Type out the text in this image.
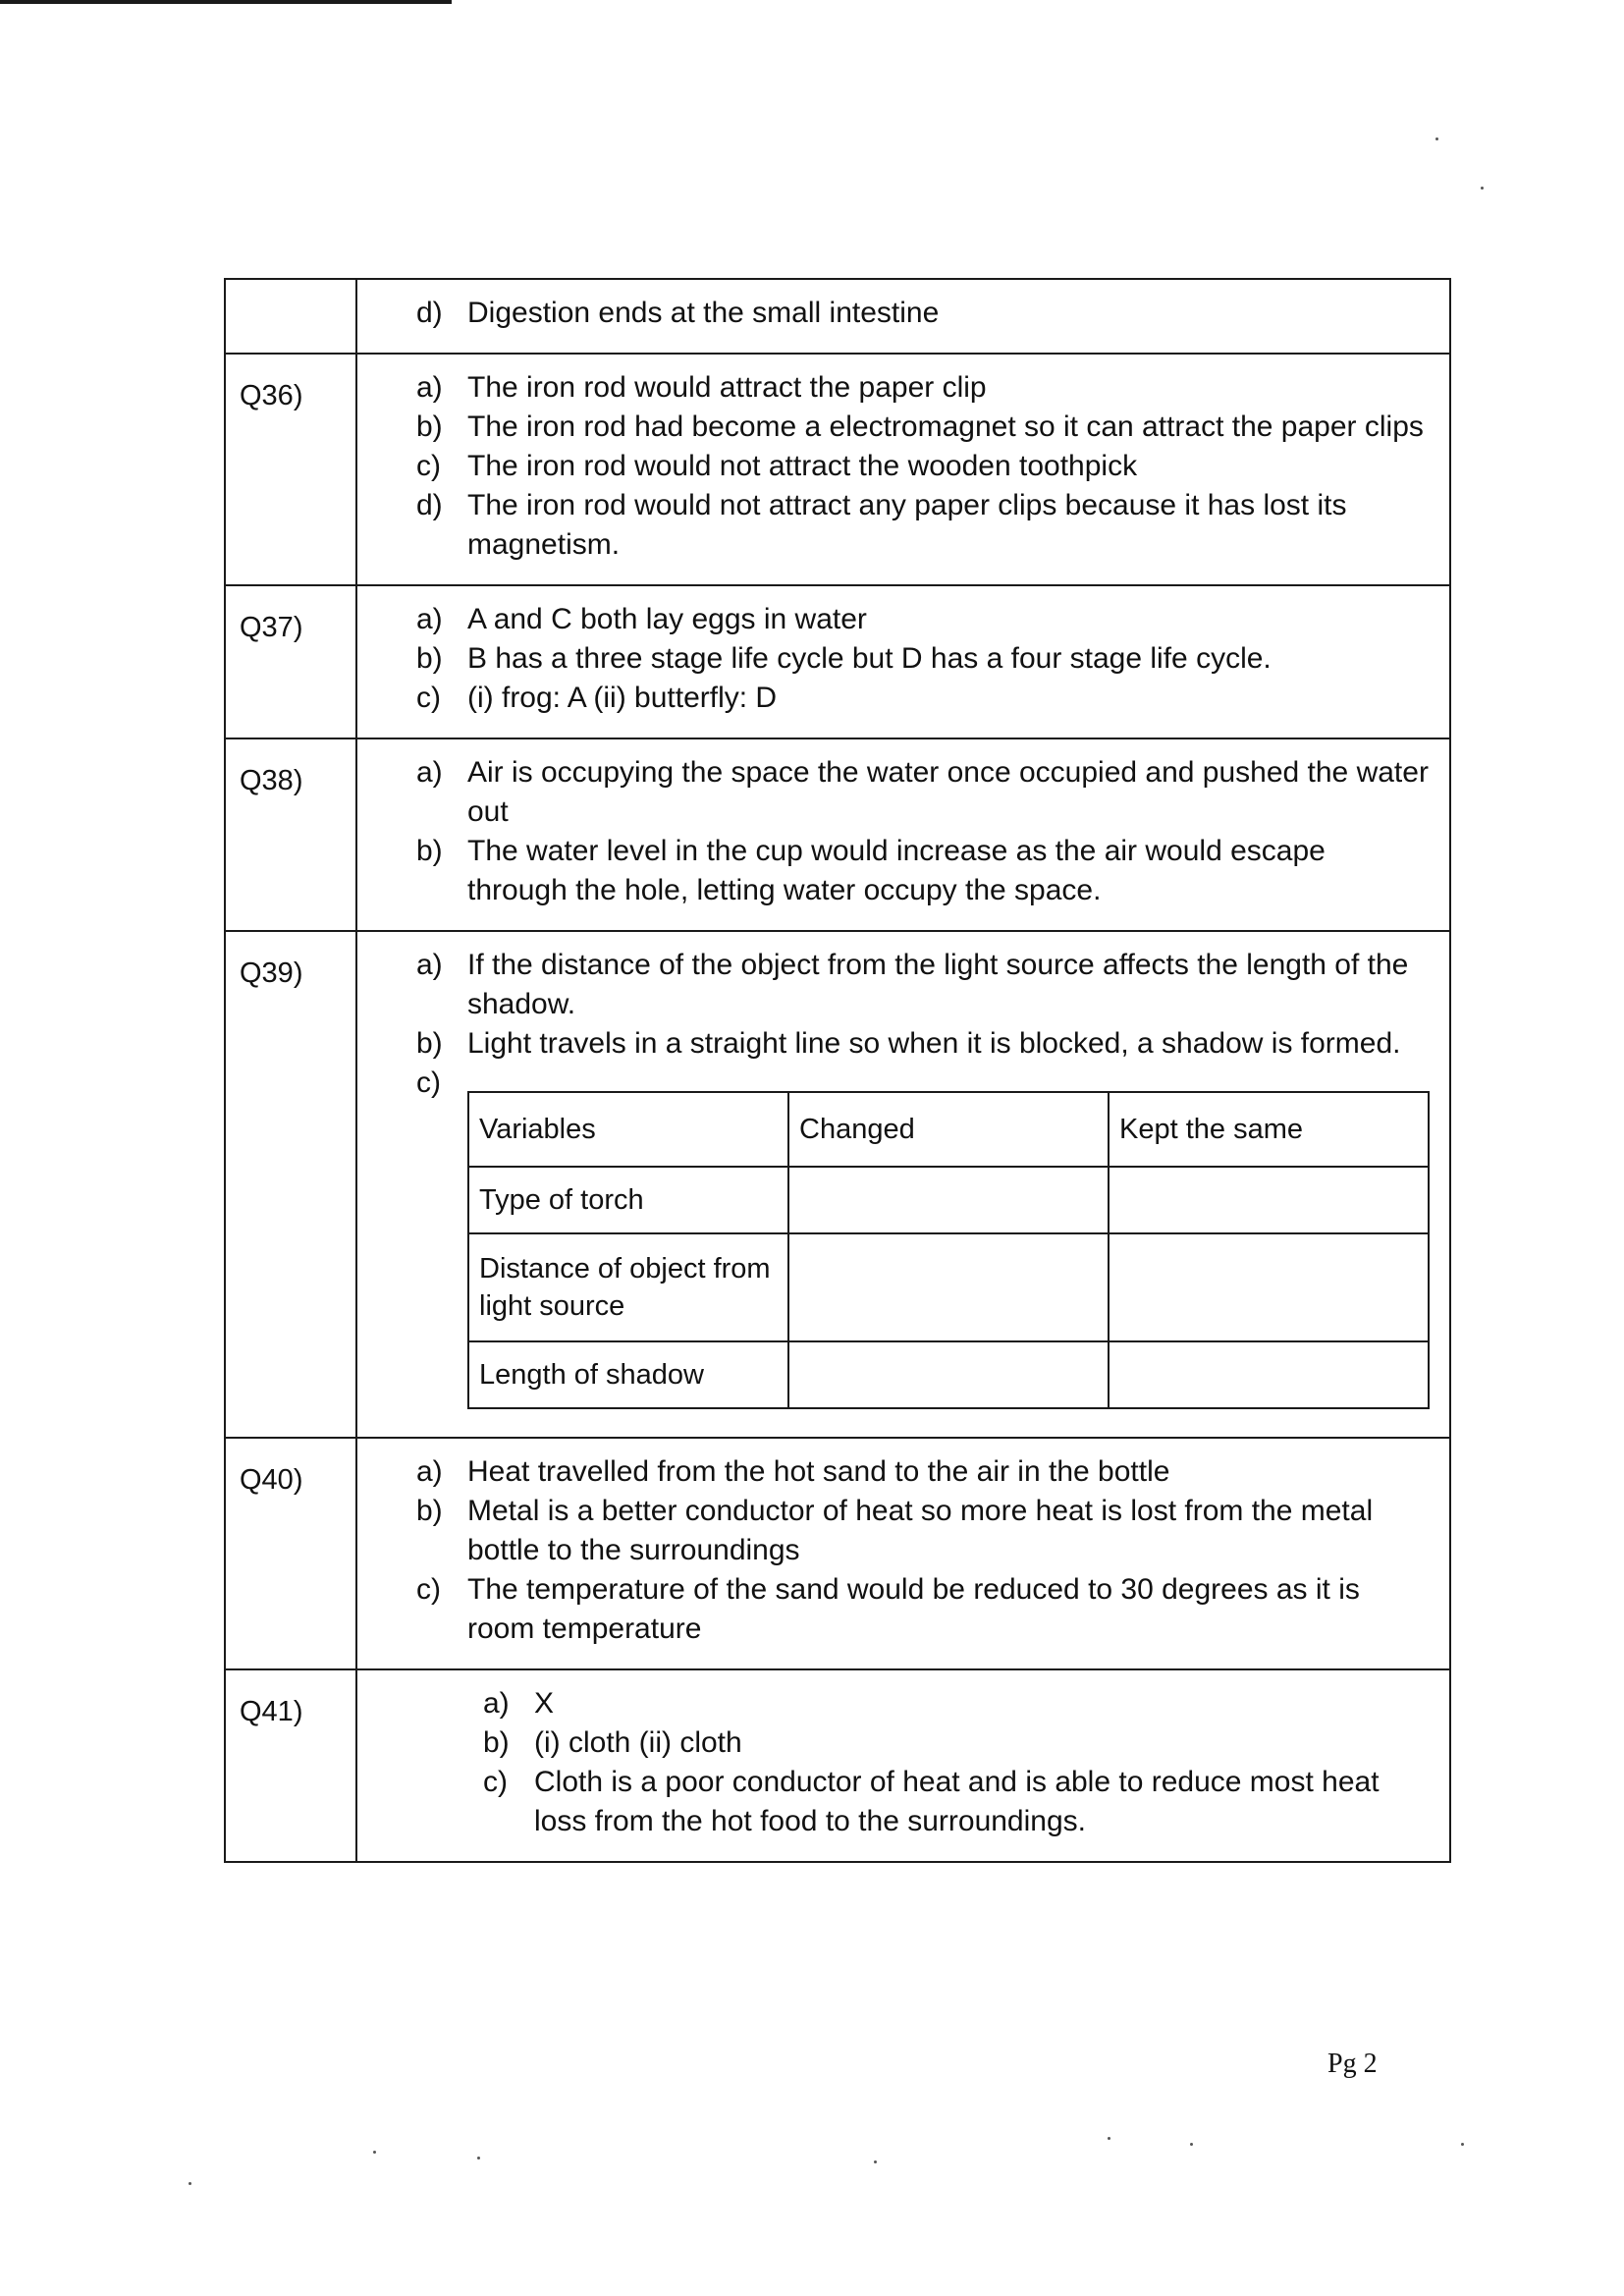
d) Digestion ends at the small intestine

Q36)	a) The iron rod would attract the paper clip
b) The iron rod had become a electromagnet so it can attract the paper clips
c) The iron rod would not attract the wooden toothpick
d) The iron rod would not attract any paper clips because it has lost its magnetism.

Q37)	a) A and C both lay eggs in water
b) B has a three stage life cycle but D has a four stage life cycle.
c) (i) frog: A (ii) butterfly: D

Q38)	a) Air is occupying the space the water once occupied and pushed the water out
b) The water level in the cup would increase as the air would escape through the hole, letting water occupy the space.

Q39)	a) If the distance of the object from the light source affects the length of the shadow.
b) Light travels in a straight line so when it is blocked, a shadow is formed.
c)
Variables	Changed	Kept the same
Type of torch		
Distance of object from light source		
Length of shadow		

Q40)	a) Heat travelled from the hot sand to the air in the bottle
b) Metal is a better conductor of heat so more heat is lost from the metal bottle to the surroundings
c) The temperature of the sand would be reduced to 30 degrees as it is room temperature

Q41)	a) X
b) (i) cloth (ii) cloth
c) Cloth is a poor conductor of heat and is able to reduce most heat loss from the hot food to the surroundings.
Pg 2
